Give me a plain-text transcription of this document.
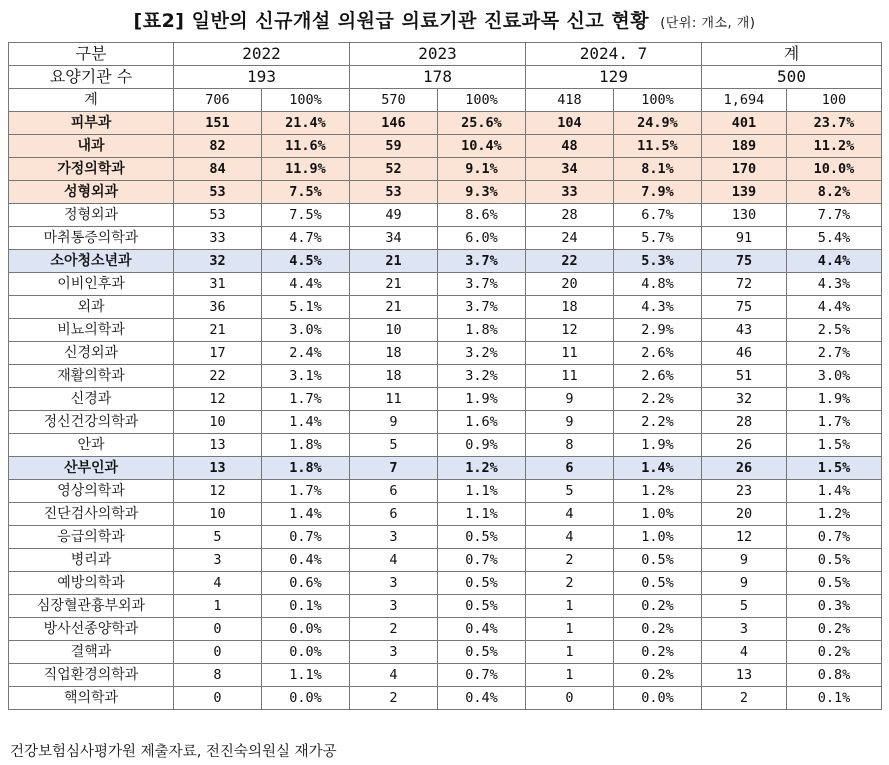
[표2] 일반의 신규개설 의원급 의료기관 진료과목 신고 현황 (단위: 개소, 개)
구분	2022		2023		2024. 7		계	
요양기관 수	193		178		129		500	
계	706	100%	570	100%	418	100%	1,694	100
피부과	151	21.4%	146	25.6%	104	24.9%	401	23.7%
내과	82	11.6%	59	10.4%	48	11.5%	189	11.2%
가정의학과	84	11.9%	52	9.1%	34	8.1%	170	10.0%
성형외과	53	7.5%	53	9.3%	33	7.9%	139	8.2%
정형외과	53	7.5%	49	8.6%	28	6.7%	130	7.7%
마취통증의학과	33	4.7%	34	6.0%	24	5.7%	91	5.4%
소아청소년과	32	4.5%	21	3.7%	22	5.3%	75	4.4%
이비인후과	31	4.4%	21	3.7%	20	4.8%	72	4.3%
외과	36	5.1%	21	3.7%	18	4.3%	75	4.4%
비뇨의학과	21	3.0%	10	1.8%	12	2.9%	43	2.5%
신경외과	17	2.4%	18	3.2%	11	2.6%	46	2.7%
재활의학과	22	3.1%	18	3.2%	11	2.6%	51	3.0%
신경과	12	1.7%	11	1.9%	9	2.2%	32	1.9%
정신건강의학과	10	1.4%	9	1.6%	9	2.2%	28	1.7%
안과	13	1.8%	5	0.9%	8	1.9%	26	1.5%
산부인과	13	1.8%	7	1.2%	6	1.4%	26	1.5%
영상의학과	12	1.7%	6	1.1%	5	1.2%	23	1.4%
진단검사의학과	10	1.4%	6	1.1%	4	1.0%	20	1.2%
응급의학과	5	0.7%	3	0.5%	4	1.0%	12	0.7%
병리과	3	0.4%	4	0.7%	2	0.5%	9	0.5%
예방의학과	4	0.6%	3	0.5%	2	0.5%	9	0.5%
심장혈관흉부외과	1	0.1%	3	0.5%	1	0.2%	5	0.3%
방사선종양학과	0	0.0%	2	0.4%	1	0.2%	3	0.2%
결핵과	0	0.0%	3	0.5%	1	0.2%	4	0.2%
직업환경의학과	8	1.1%	4	0.7%	1	0.2%	13	0.8%
핵의학과	0	0.0%	2	0.4%	0	0.0%	2	0.1%
건강보험심사평가원 제출자료, 전진숙의원실 재가공
